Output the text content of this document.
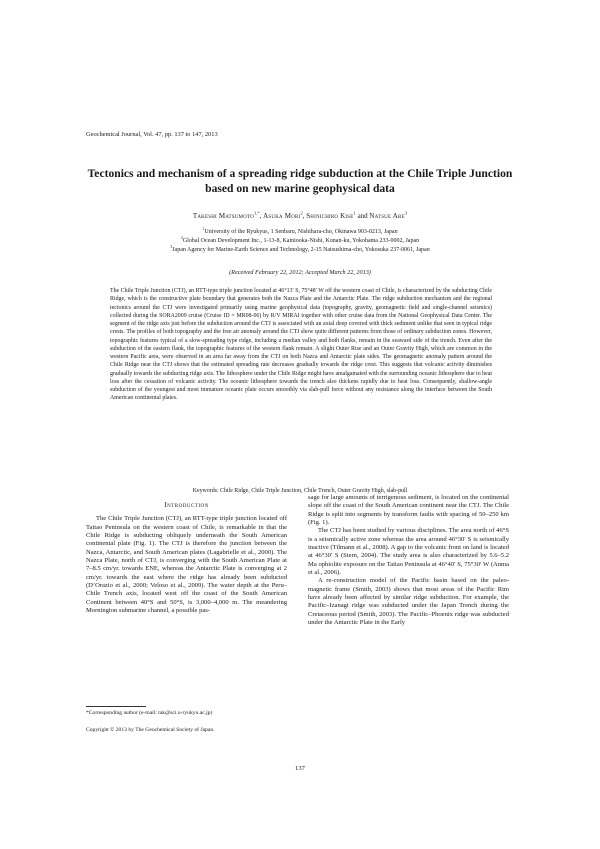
Geochemical Journal, Vol. 47, pp. 137 to 147, 2013
Tectonics and mechanism of a spreading ridge subduction at the Chile Triple Junction based on new marine geophysical data
Takeshi Matsumoto$^{1,*}$, Asuka Mori$^2$, Shinichiro Kise$^1$ and Natsue Abe$^3$
$^1$University of the Ryukyus, 1 Senbaru, Nishihara-cho, Okinawa 903-0213, Japan
$^2$Global Ocean Development Inc., 1-13-8, Kamiooka-Nishi, Konan-ku, Yokohama 233-0002, Japan
$^3$Japan Agency for Marine-Earth Science and Technology, 2-15 Natsushima-cho, Yokosuka 237-0061, Japan
(Received February 22, 2012; Accepted March 22, 2013)
The Chile Triple Junction (CTJ), an RTT-type triple junction located at 46°13′ S, 75°48′ W off the western coast of Chile, is characterized by the subducting Chile Ridge, which is the constructive plate boundary that generates both the Nazca Plate and the Antarctic Plate. The ridge subduction mechanism and the regional tectonics around the CTJ were investigated primarily using marine geophysical data (topography, gravity, geomagnetic field and single-channel seismics) collected during the SORA2009 cruise (Cruise ID = MR08-06) by R/V MIRAI together with other cruise data from the National Geophysical Data Center. The segment of the ridge axis just before the subduction around the CTJ is associated with an axial deep covered with thick sediment unlike that seen in typical ridge crests. The profiles of both topography and the free air anomaly around the CTJ show quite different patterns from those of ordinary subduction zones. However, topographic features typical of a slow-spreading type ridge, including a median valley and both flanks, remain in the seaward side of the trench. Even after the subduction of the eastern flank, the topographic features of the western flank remain. A slight Outer Rise and an Outer Gravity High, which are common in the western Pacific area, were observed in an area far away from the CTJ on both Nazca and Antarctic plate sides. The geomagnetic anomaly pattern around the Chile Ridge near the CTJ shows that the estimated spreading rate decreases gradually towards the ridge crest. This suggests that volcanic activity diminishes gradually towards the subducting ridge axis. The lithosphere under the Chile Ridge might have amalgamated with the surrounding oceanic lithosphere due to heat loss after the cessation of volcanic activity. The oceanic lithosphere towards the trench also thickens rapidly due to heat loss. Consequently, shallow-angle subduction of the youngest and most immature oceanic plate occurs smoothly via slab-pull force without any resistance along the interface between the South American continental plates.
Keywords: Chile Ridge, Chile Triple Junction, Chile Trench, Outer Gravity High, slab-pull
Introduction

The Chile Triple Junction (CTJ), an RTT-type triple junction located off Taitao Peninsula on the western coast of Chile, is remarkable in that the Chile Ridge is subducting obliquely underneath the South American continental plate (Fig. 1). The CTJ is therefore the junction between the Nazca, Antarctic, and South American plates (Lagabrielle et al., 2000). The Nazca Plate, north of CTJ, is converging with the South American Plate at 7–8.5 cm/yr. towards ENE, whereas the Antarctic Plate is converging at 2 cm/yr. towards the east where the ridge has already been subducted (D’Orazio et al., 2000; Veloso et al., 2009). The water depth at the Peru–Chile Trench axis, located west off the coast of the South American Continent between 40°S and 50°S, is 3,000–4,000 m. The meandering Mornington submarine channel, a possible pas-

sage for large amounts of terrigenous sediment, is located on the continental slope off the coast of the South American continent near the CTJ. The Chile Ridge is split into segments by transform faults with spacing of 50–250 km (Fig. 1).

The CTJ has been studied by various disciplines. The area north of 46°S is a seismically active zone whereas the area around 46°30′ S is seismically inactive (Tilmann et al., 2008). A gap to the volcanic front on land is located at 46°30′ S (Stern, 2004). The study area is also characterized by 5.6–5.2 Ma ophiolite exposure on the Taitao Peninsula at 46°40′ S, 75°30′ W (Anma et al., 2006).

A re-construction model of the Pacific basin based on the paleo-magnetic frame (Smith, 2003) shows that most areas of the Pacific Rim have already been affected by similar ridge subduction. For example, the Pacific–Izanagi ridge was subducted under the Japan Trench during the Cretaceous period (Smith, 2003). The Pacific–Phoenix ridge was subducted under the Antarctic Plate in the Early

*Corresponding author (e-mail: tak@sci.u-ryukyu.ac.jp)
Copyright © 2013 by The Geochemical Society of Japan.
137
